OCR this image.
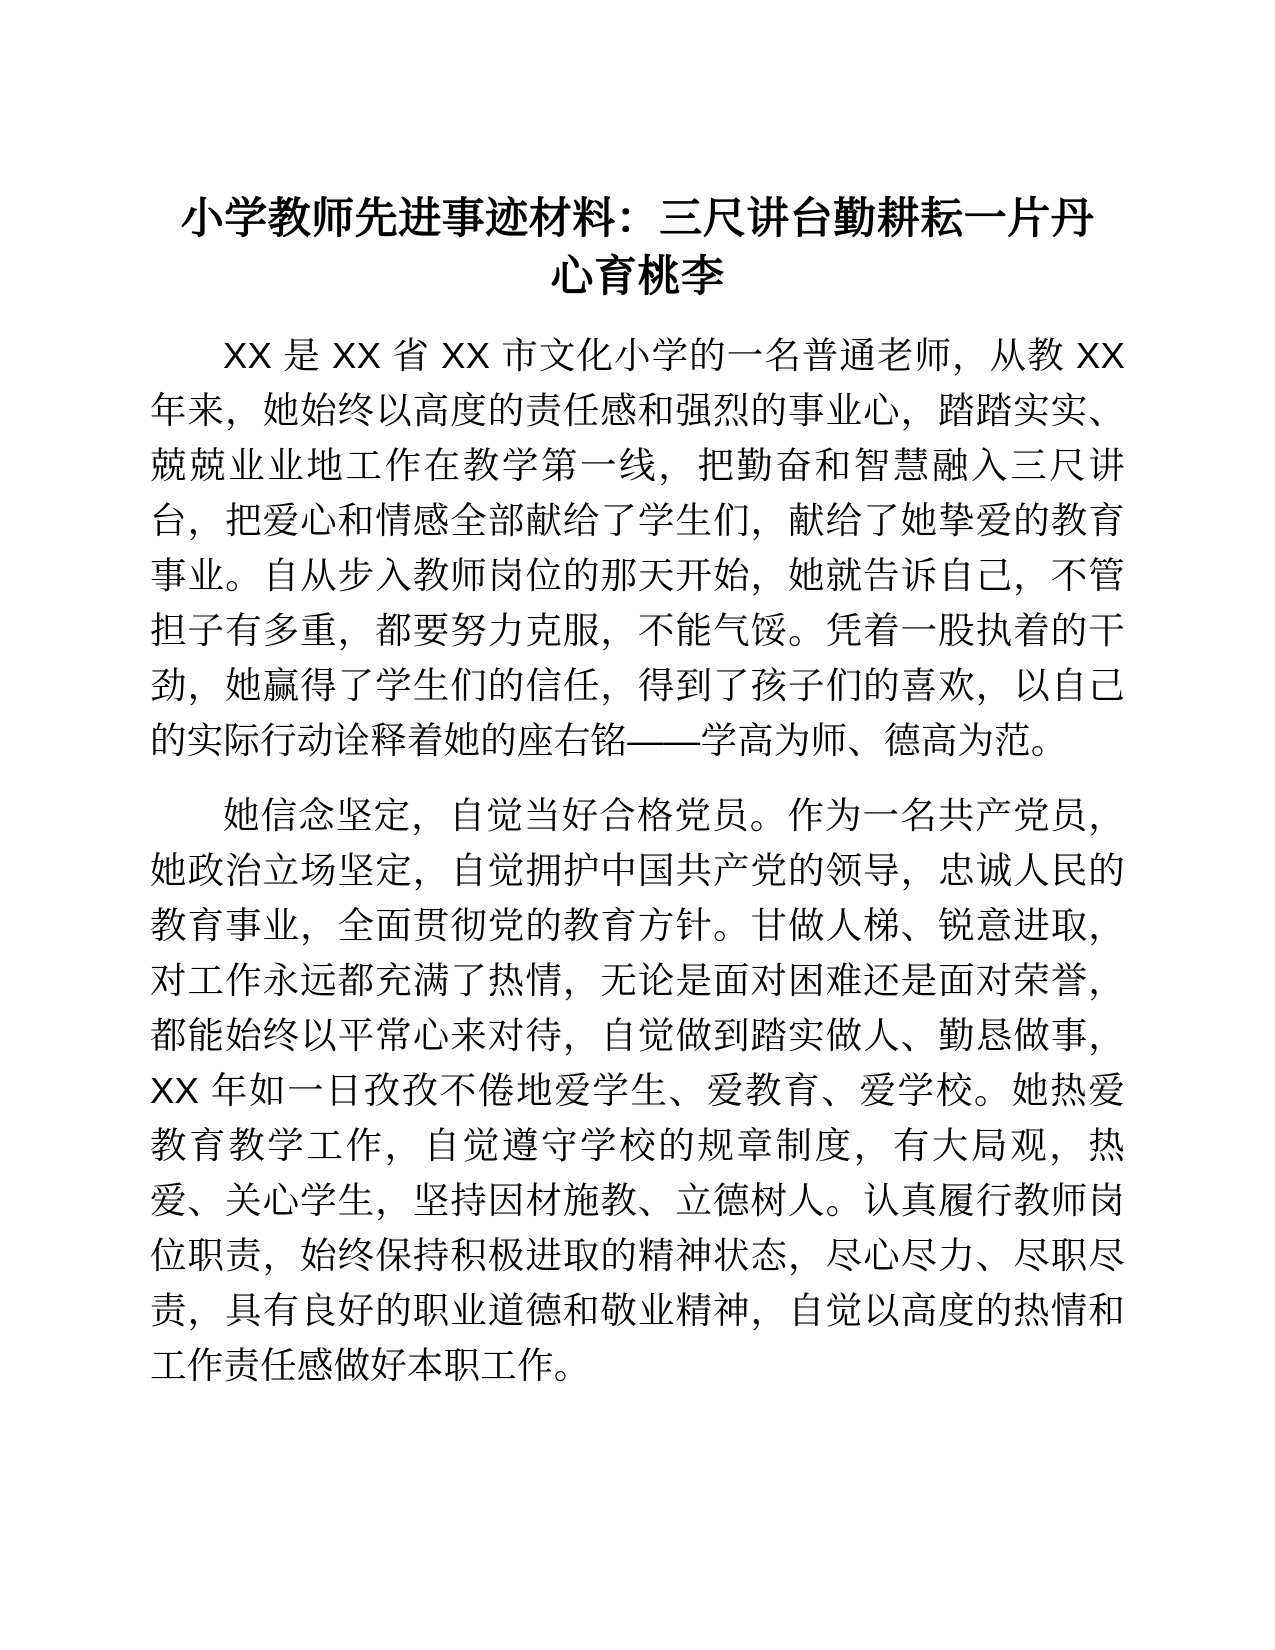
小学教师先进事迹材料：三尺讲台勤耕耘一片丹心育桃李

XX 是 XX 省 XX 市文化小学的一名普通老师，从教 XX 年来，她始终以高度的责任感和强烈的事业心，踏踏实实、兢兢业业地工作在教学第一线，把勤奋和智慧融入三尺讲台，把爱心和情感全部献给了学生们，献给了她挚爱的教育事业。自从步入教师岗位的那天开始，她就告诉自己，不管担子有多重，都要努力克服，不能气馁。凭着一股执着的干劲，她赢得了学生们的信任，得到了孩子们的喜欢，以自己的实际行动诠释着她的座右铭——学高为师、德高为范。

她信念坚定，自觉当好合格党员。作为一名共产党员，她政治立场坚定，自觉拥护中国共产党的领导，忠诚人民的教育事业，全面贯彻党的教育方针。甘做人梯、锐意进取，对工作永远都充满了热情，无论是面对困难还是面对荣誉，都能始终以平常心来对待，自觉做到踏实做人、勤恳做事，XX 年如一日孜孜不倦地爱学生、爱教育、爱学校。她热爱教育教学工作，自觉遵守学校的规章制度，有大局观，热爱、关心学生，坚持因材施教、立德树人。认真履行教师岗位职责，始终保持积极进取的精神状态，尽心尽力、尽职尽责，具有良好的职业道德和敬业精神，自觉以高度的热情和工作责任感做好本职工作。
